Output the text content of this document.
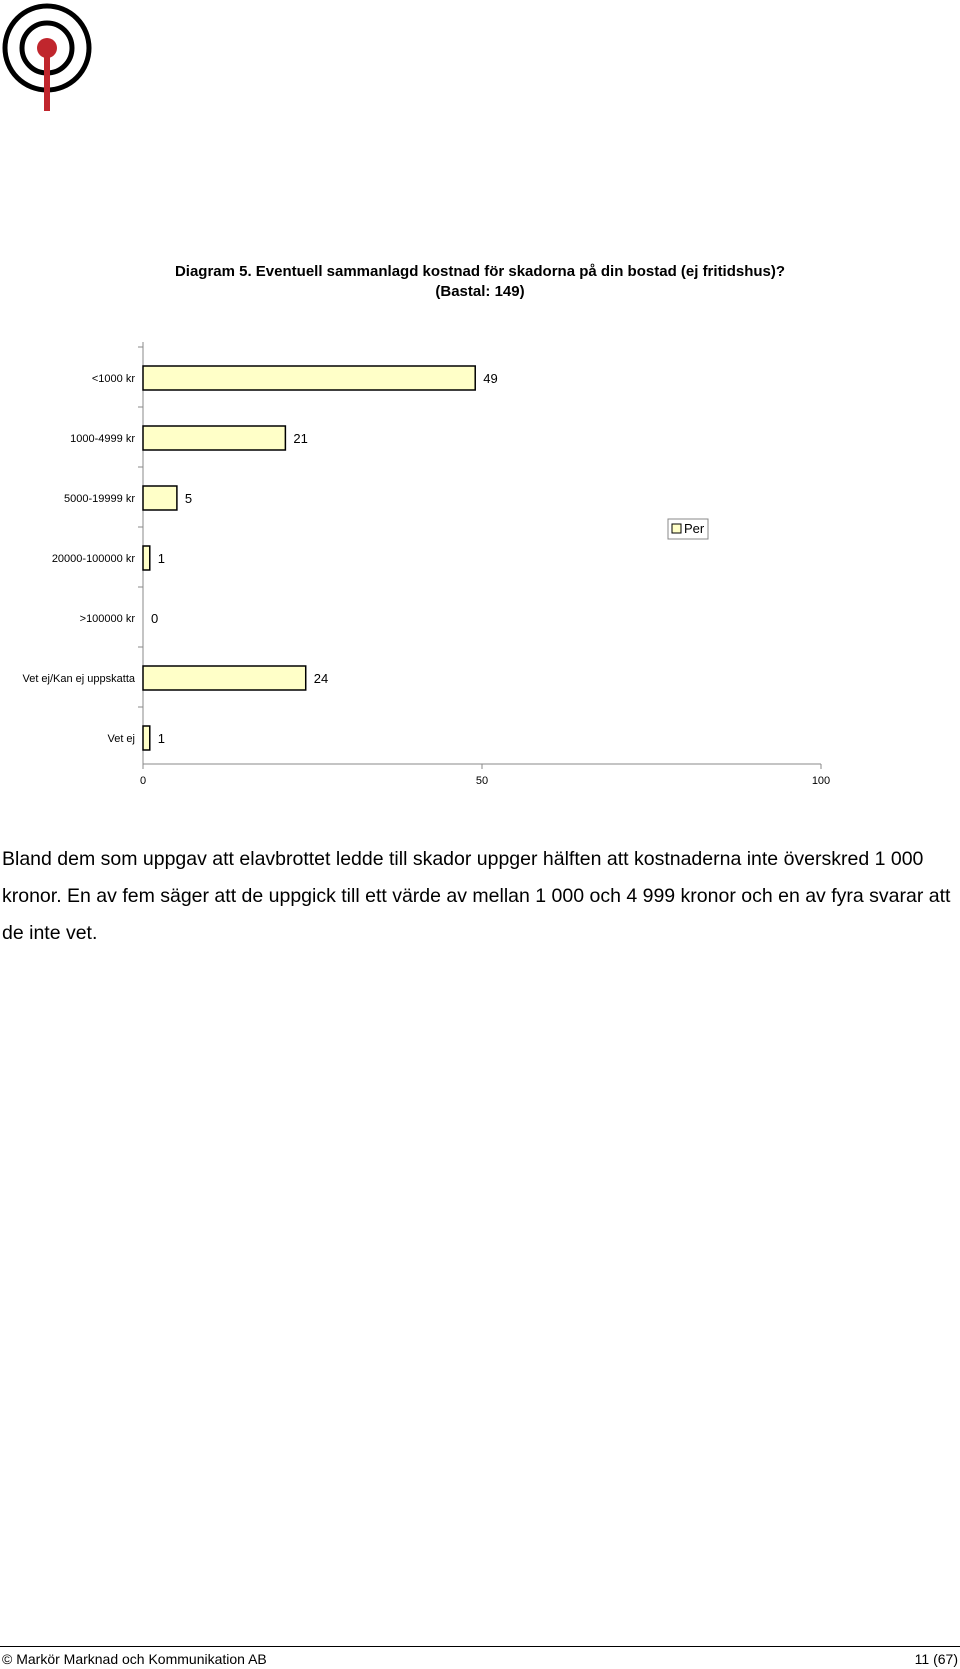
Diagram 5. Eventuell sammanlagd kostnad för skadorna på din bostad (ej fritidshus)?
(Bastal: 149)
<1000 kr	49
1000-4999 kr	21
5000-19999 kr	5
20000-100000 kr 1
>100000 kr 0
Vet ej/Kan ej uppskatta	24
Vet ej 1
0	50	100
Per
Bland dem som uppgav att elavbrottet ledde till skador uppger hälften att kostnaderna inte överskred 1 000 kronor. En av fem säger att de uppgick till ett värde av mellan 1 000 och 4 999 kronor och en av fyra svarar att de inte vet.
© Markör Marknad och Kommunikation AB	11 (67)
